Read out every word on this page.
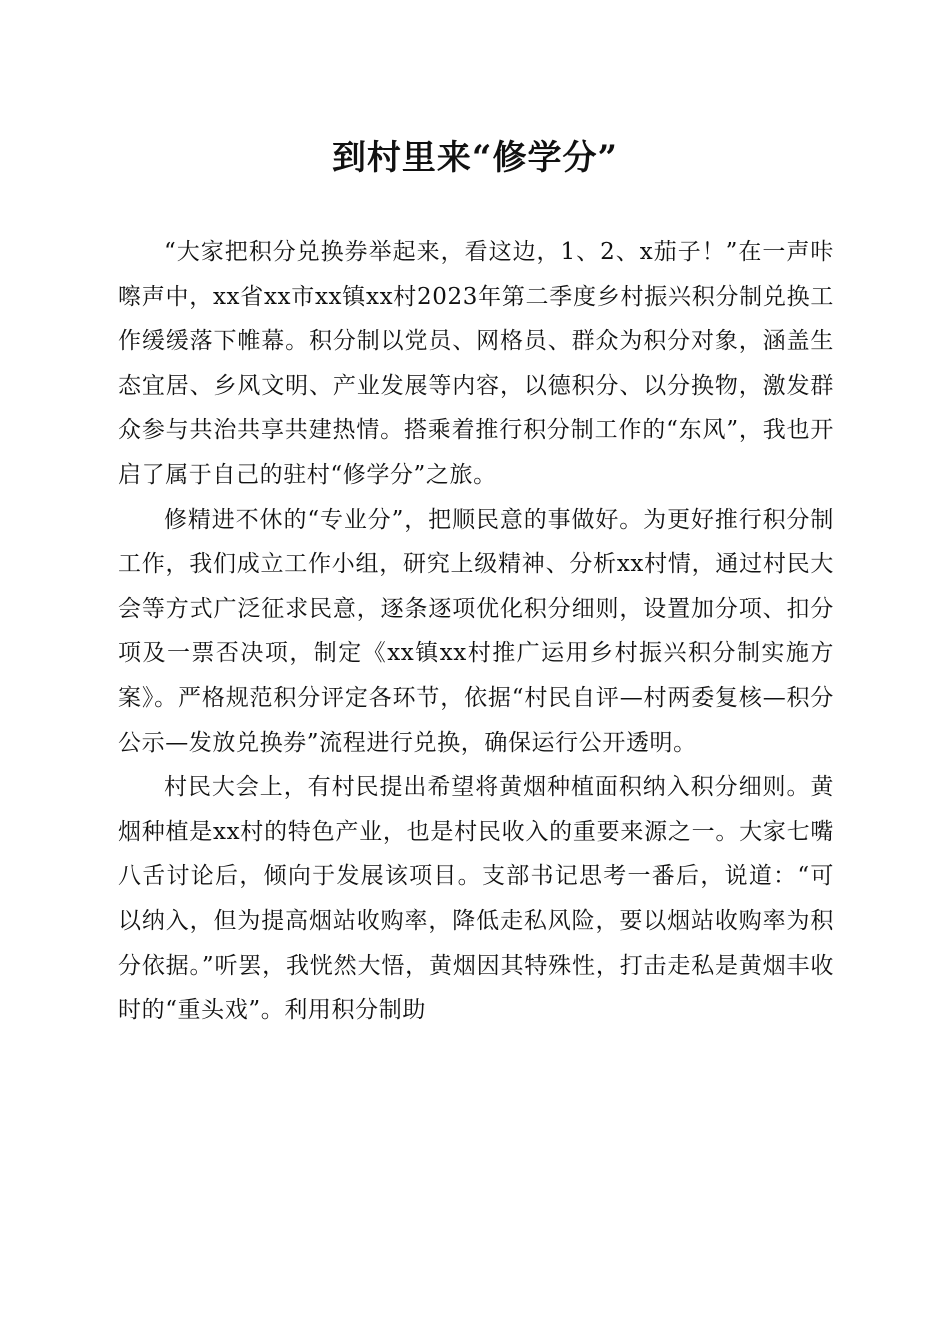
到村里来“修学分”

“大家把积分兑换券举起来，看这边，1、2、x茄子！”在一声咔嚓声中，xx省xx市xx镇xx村2023年第二季度乡村振兴积分制兑换工作缓缓落下帷幕。积分制以党员、网格员、群众为积分对象，涵盖生态宜居、乡风文明、产业发展等内容，以德积分、以分换物，激发群众参与共治共享共建热情。搭乘着推行积分制工作的“东风”，我也开启了属于自己的驻村“修学分”之旅。

修精进不休的“专业分”，把顺民意的事做好。为更好推行积分制工作，我们成立工作小组，研究上级精神、分析xx村情，通过村民大会等方式广泛征求民意，逐条逐项优化积分细则，设置加分项、扣分项及一票否决项，制定《xx镇xx村推广运用乡村振兴积分制实施方案》。严格规范积分评定各环节，依据“村民自评—村两委复核—积分公示—发放兑换券”流程进行兑换，确保运行公开透明。

村民大会上，有村民提出希望将黄烟种植面积纳入积分细则。黄烟种植是xx村的特色产业，也是村民收入的重要来源之一。大家七嘴八舌讨论后，倾向于发展该项目。支部书记思考一番后，说道：“可以纳入，但为提高烟站收购率，降低走私风险，要以烟站收购率为积分依据。”听罢，我恍然大悟，黄烟因其特殊性，打击走私是黄烟丰收时的“重头戏”。利用积分制助
